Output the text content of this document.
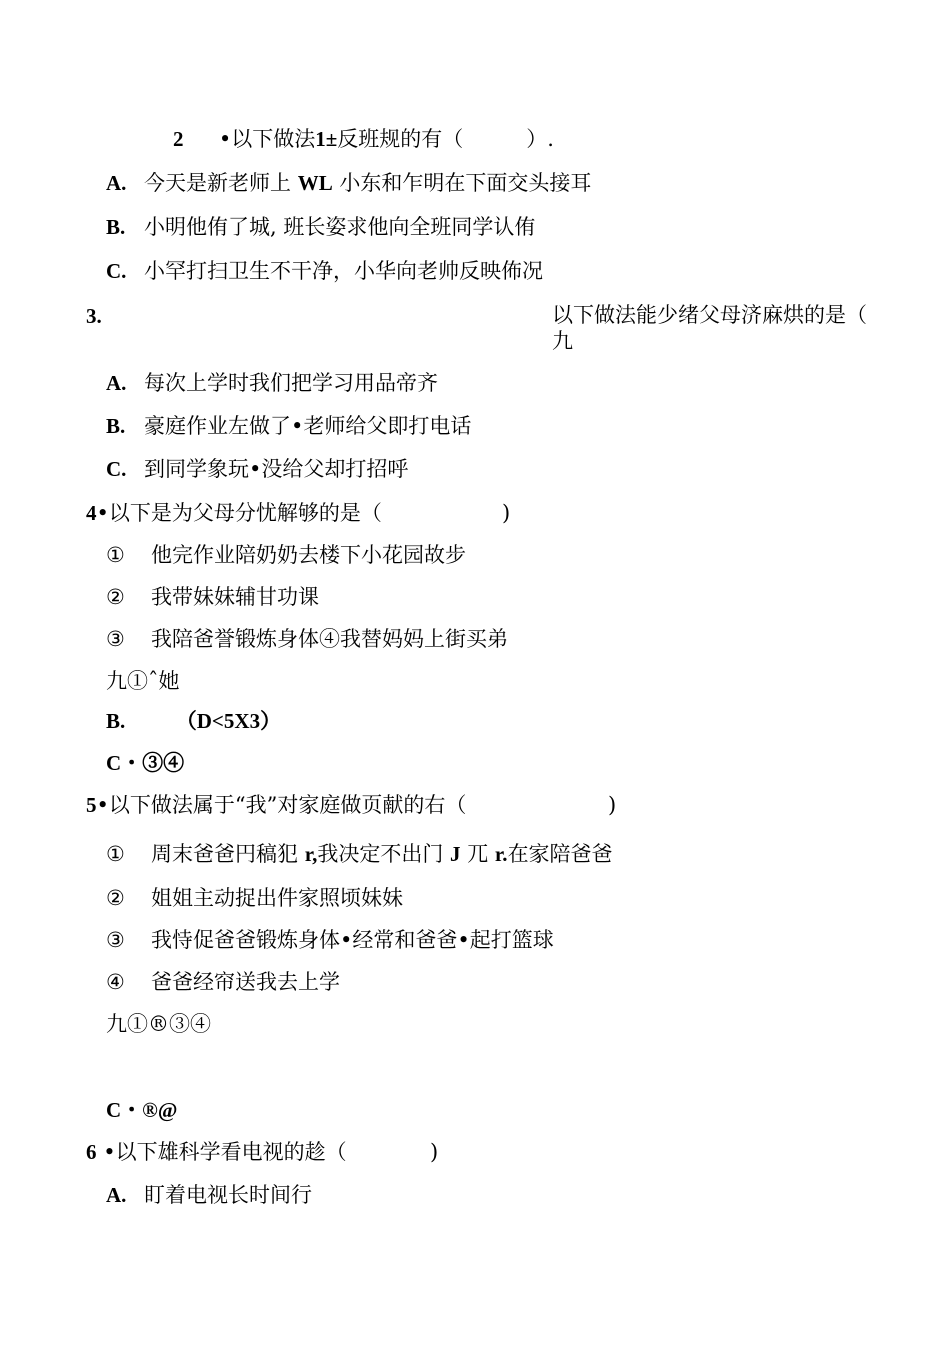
2 •以下做法1±反班规的有（　　　）.
A. 今天是新老师上 WL 小东和乍明在下面交头接耳
B. 小明他侑了城, 班长姿求他向全班同学认侑
C. 小罕打扫卫生不干净，小华向老帅反映佈况
3.	以下做法能少绪父母济麻烘的是（ 九
A. 每次上学时我们把学习用品帝齐
B. 豪庭作业左做了•老师给父即打电话
C. 到同学象玩•没给父却打招呼
4•以下是为父母分忧解够的是（	)
① 他完作业陪奶奶去楼下小花园故步
② 我带妹妹辅甘功课
③ 我陪爸誉锻炼身体④我替妈妈上街买弟
九①ˆ她
B. （D<5X3）
C・③④
5•以下做法属于“我”对家庭做页献的右（	)
① 周末爸爸円稿犯 r,我决定不出门 J 兀 r.在家陪爸爸
② 姐姐主动捉出件家照顷妹妹
③ 我恃促爸爸锻炼身体•经常和爸爸•起打篮球
④ 爸爸经帘送我去上学
九①®③④
C・®@
6 •以下雄科学看电视的趁（	)
A. 盯着电视长时间行
